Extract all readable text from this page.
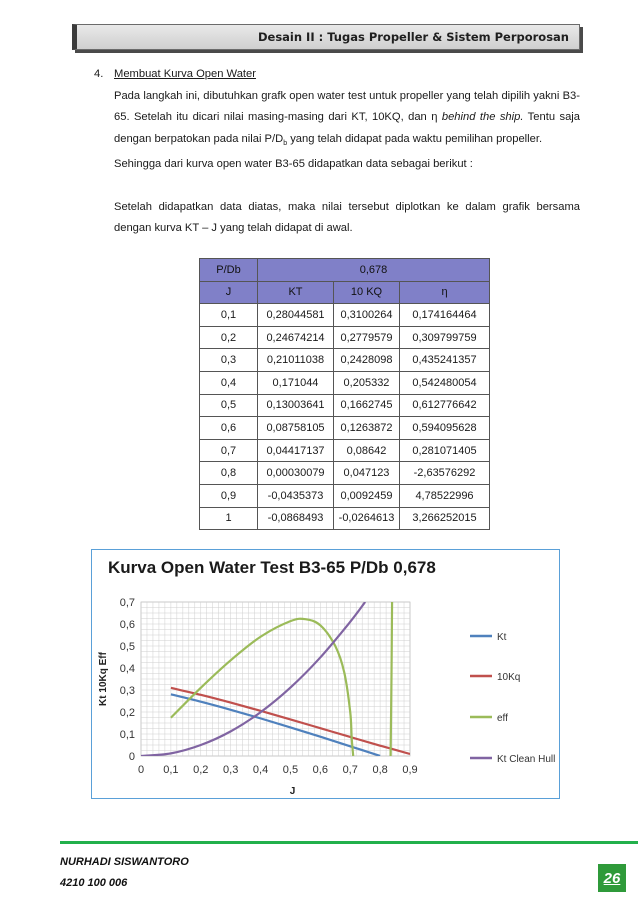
Desain II : Tugas Propeller & Sistem Perporosan
4. Membuat Kurva Open Water

Pada langkah ini, dibutuhkan grafk open water test untuk propeller yang telah dipilih yakni B3-65. Setelah itu dicari nilai masing-masing dari KT, 10KQ, dan η behind the ship. Tentu saja dengan berpatokan pada nilai $P/D_b$ yang telah didapat pada waktu pemilihan propeller.

Sehingga dari kurva open water B3-65 didapatkan data sebagai berikut :

Setelah didapatkan data diatas, maka nilai tersebut diplotkan ke dalam grafik bersama dengan kurva KT – J yang telah didapat di awal.

P/Db	0,678		
J	KT	10 KQ	η
0,1	0,28044581	0,3100264	0,174164464
0,2	0,24674214	0,2779579	0,309799759
0,3	0,21011038	0,2428098	0,435241357
0,4	0,171044	0,205332	0,542480054
0,5	0,13003641	0,1662745	0,612776642
0,6	0,08758105	0,1263872	0,594095628
0,7	0,04417137	0,08642	0,281071405
0,8	0,00030079	0,047123	-2,63576292
0,9	-0,0435373	0,0092459	4,78522996
1	-0,0868493	-0,0264613	3,266252015
Kurva Open Water Test B3-65 P/Db 0,678
0 0,1 0,2 0,3 0,4 0,5 0,6 0,7 0,8 0,9
0
0,1
0,2
0,3
0,4
0,5
0,6
0,7
J
Kt 10Kq Eff
Kt
10Kq
eff
Kt Clean Hull
NURHADI SISWANTORO
4210 100 006	26
